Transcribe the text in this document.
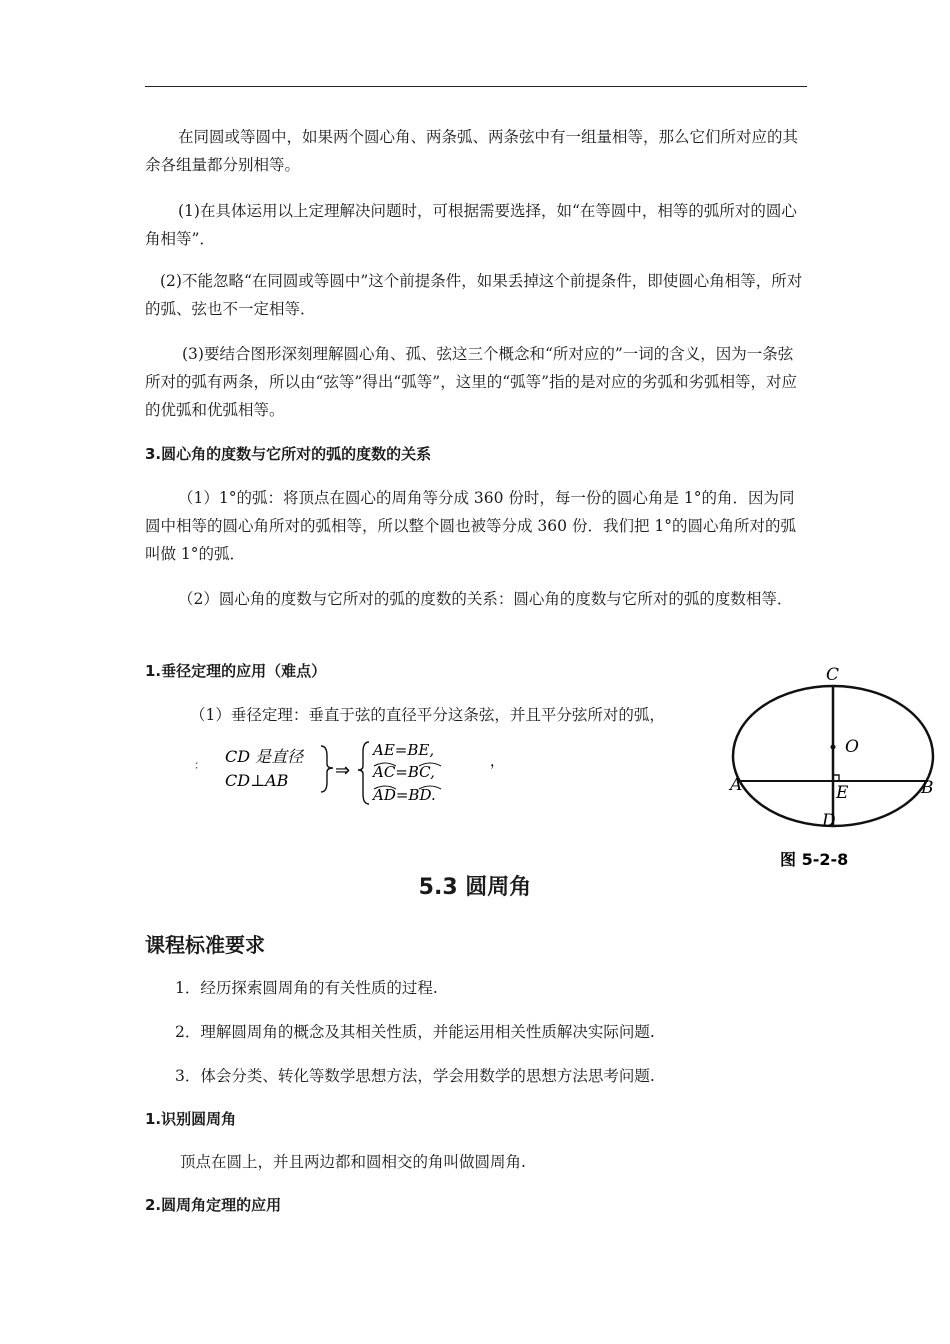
在同圆或等圆中，如果两个圆心角、两条弧、两条弦中有一组量相等，那么它们所对应的其余各组量都分别相等。

(1)在具体运用以上定理解决问题时，可根据需要选择，如“在等圆中，相等的弧所对的圆心角相等”．

(2)不能忽略“在同圆或等圆中”这个前提条件，如果丢掉这个前提条件，即使圆心角相等，所对的弧、弦也不一定相等．

(3)要结合图形深刻理解圆心角、孤、弦这三个概念和“所对应的”一词的含义，因为一条弦所对的弧有两条，所以由“弦等”得出“弧等”，这里的“弧等”指的是对应的劣弧和劣弧相等，对应的优弧和优弧相等。

3.圆心角的度数与它所对的弧的度数的关系

（1）1°的弧：将顶点在圆心的周角等分成 360 份时，每一份的圆心角是 1°的角．因为同圆中相等的圆心角所对的弧相等，所以整个圆也被等分成 360 份．我们把 1°的圆心角所对的弧叫做 1°的弧．

（2）圆心角的度数与它所对的弧的度数的关系：圆心角的度数与它所对的弧的度数相等．

1.垂径定理的应用（难点）

（1）垂径定理：垂直于弦的直径平分这条弦，并且平分弦所对的弧，

∶ CD 是直径
CD⊥AB	⇒
AE=BE,
AC=BC,
AD=BD.
，
C
O
A	B
E
D
图 5-2-8
5.3 圆周角
课程标准要求
1．经历探索圆周角的有关性质的过程.
2．理解圆周角的概念及其相关性质，并能运用相关性质解决实际问题.
3．体会分类、转化等数学思想方法，学会用数学的思想方法思考问题.

1.识别圆周角

顶点在圆上，并且两边都和圆相交的角叫做圆周角.

2.圆周角定理的应用
